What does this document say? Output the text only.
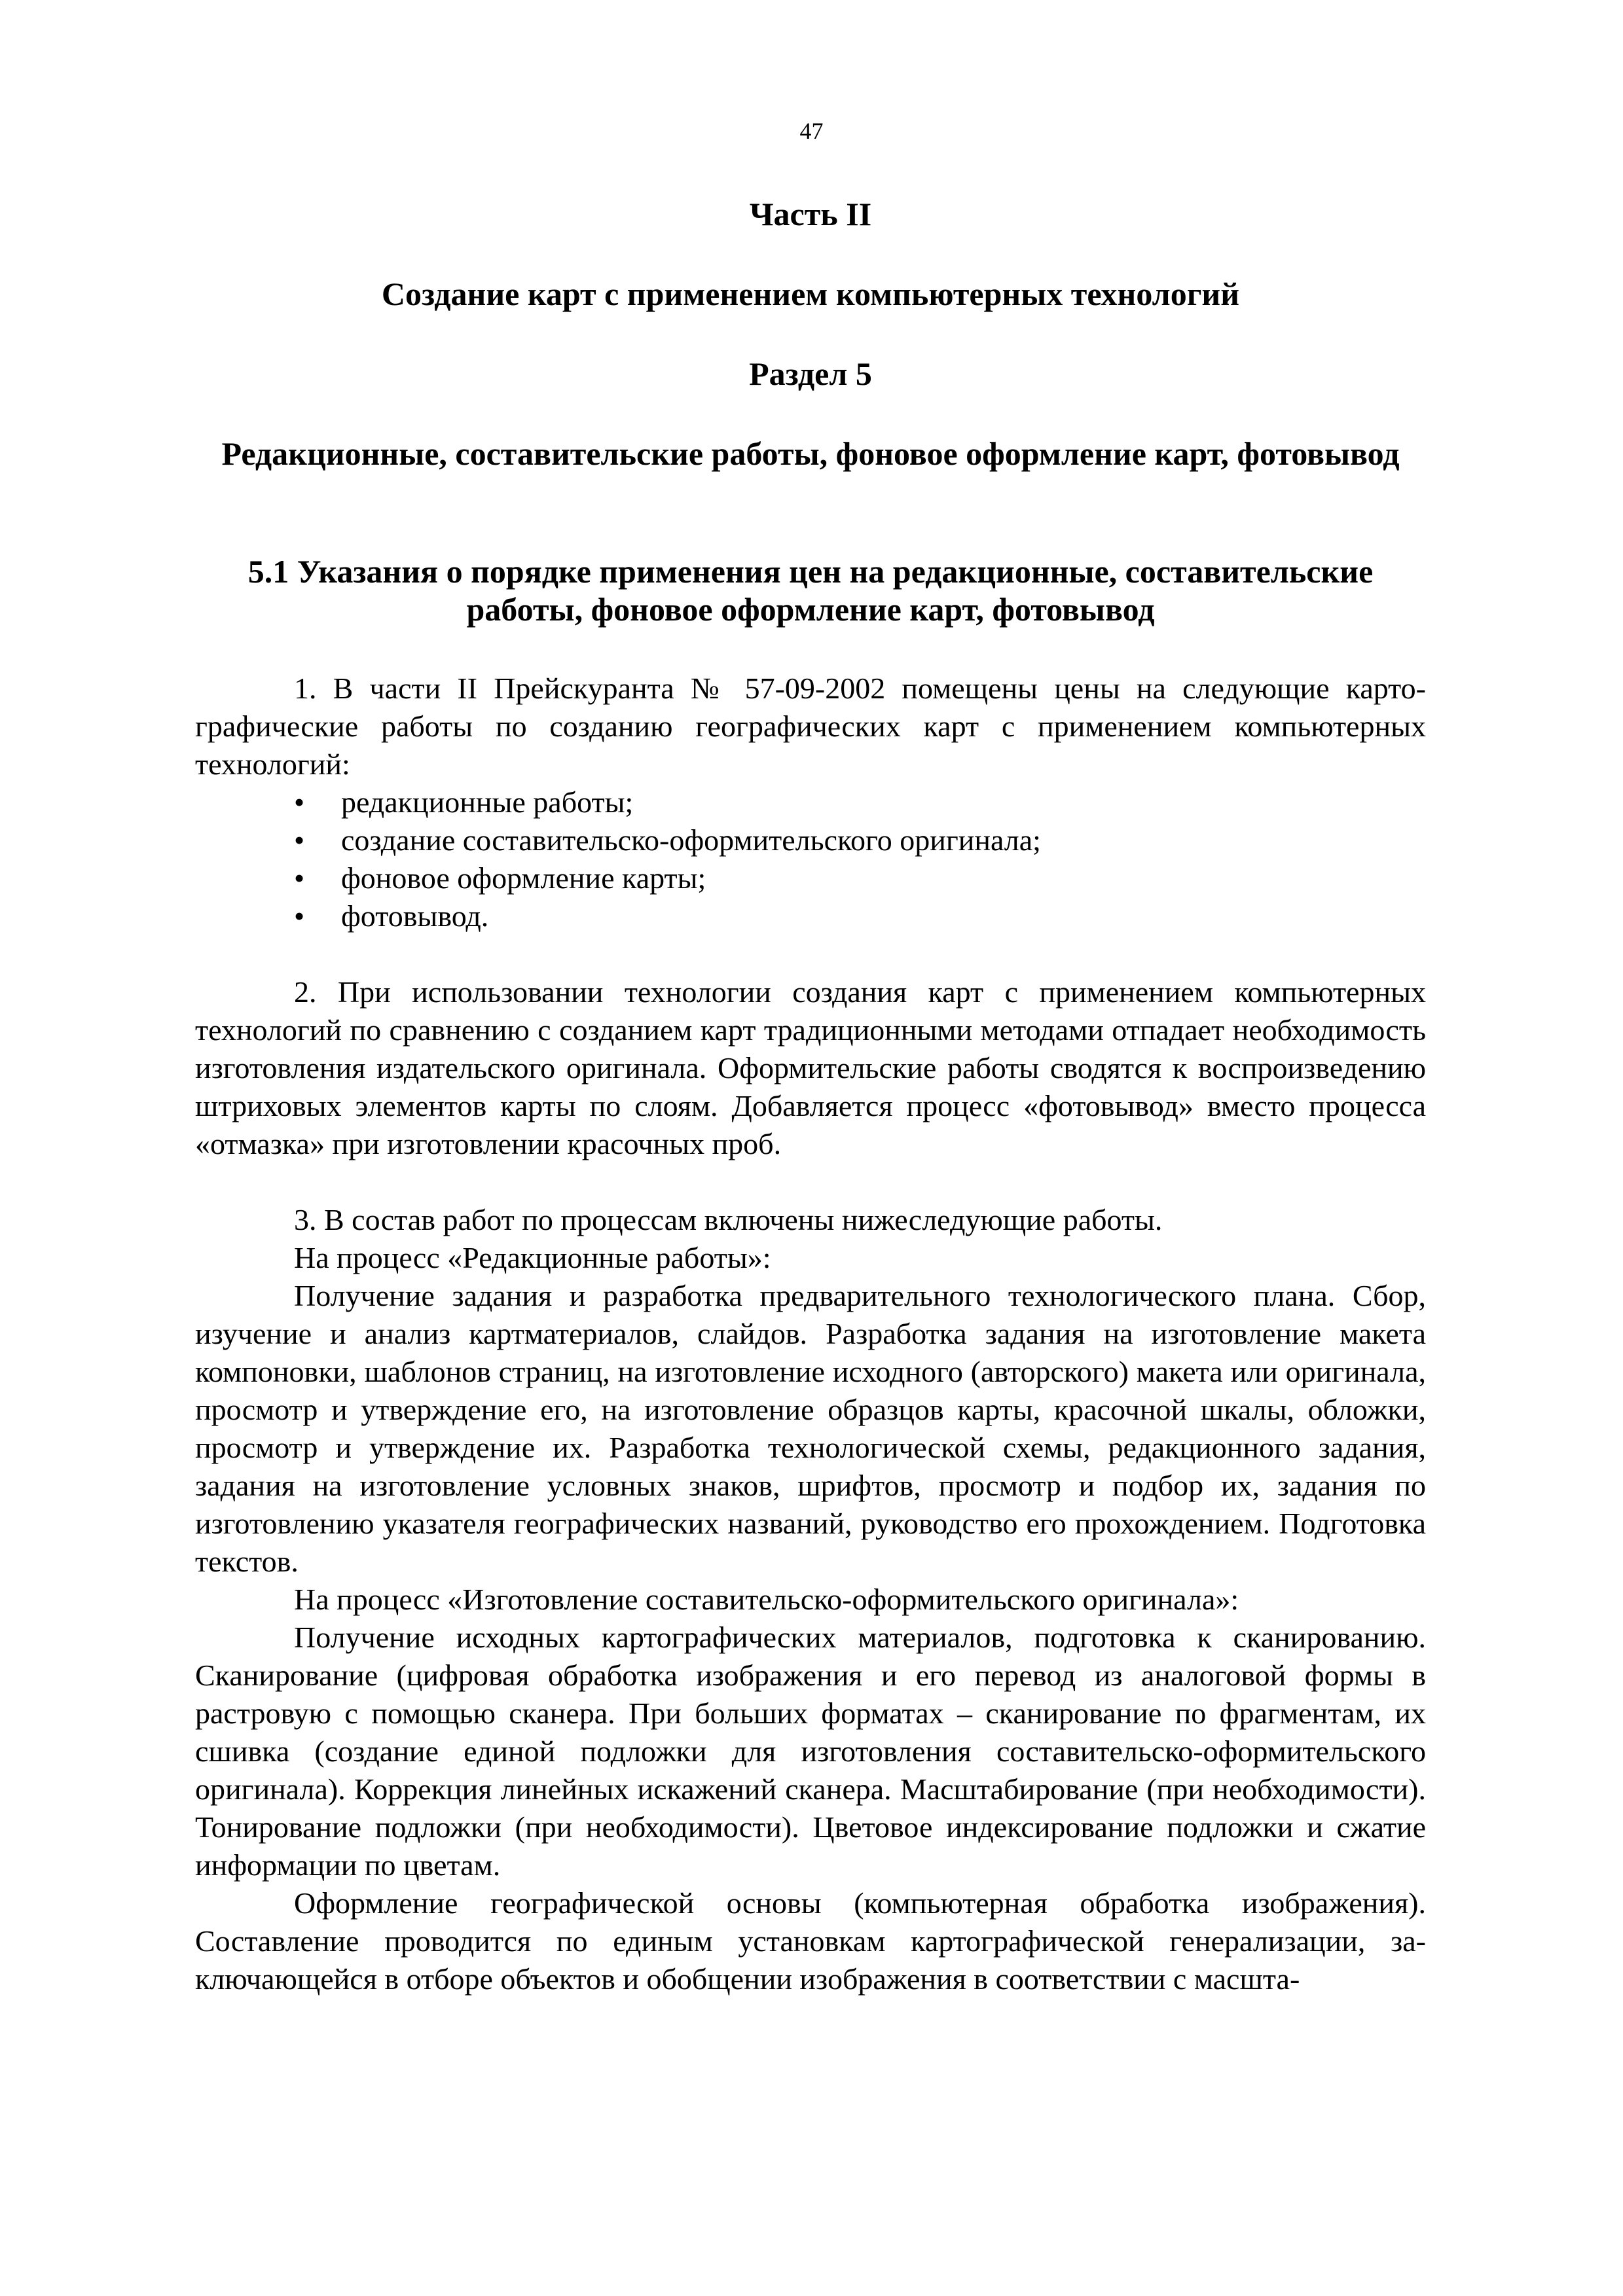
47
Часть II
Создание карт с применением компьютерных технологий
Раздел 5
Редакционные, составительские работы, фоновое оформление карт, фотовывод
5.1 Указания о порядке применения цен на редакционные, составительские работы, фоновое оформление карт, фотовывод

1. В части II Прейскуранта № 57-09-2002 помещены цены на следующие картографические работы по созданию географических карт с применением компьютерных технологий:

• редакционные работы;
• создание составительско-оформительского оригинала;
• фоновое оформление карты;
• фотовывод.

2. При использовании технологии создания карт с применением компьютерных технологий по сравнению с созданием карт традиционными методами отпадает необходимость изготовления издательского оригинала. Оформительские работы сводятся к воспроизведению штриховых элементов карты по слоям. Добавляется процесс «фотовывод» вместо процесса «отмазка» при изготовлении красочных проб.

3. В состав работ по процессам включены нижеследующие работы.

На процесс «Редакционные работы»:

Получение задания и разработка предварительного технологического плана. Сбор, изучение и анализ картматериалов, слайдов. Разработка задания на изготовление макета компоновки, шаблонов страниц, на изготовление исходного (авторского) макета или оригинала, просмотр и утверждение его, на изготовление образцов карты, красочной шкалы, обложки, просмотр и утверждение их. Разработка технологической схемы, редакционного задания, задания на изготовление условных знаков, шрифтов, просмотр и подбор их, задания по изготовлению указателя географических названий, руководство его прохождением. Подготовка текстов.

На процесс «Изготовление составительско-оформительского оригинала»:

Получение исходных картографических материалов, подготовка к сканированию. Сканирование (цифровая обработка изображения и его перевод из аналоговой формы в растровую с помощью сканера. При больших форматах – сканирование по фрагментам, их сшивка (создание единой подложки для изготовления составительско-оформительского оригинала). Коррекция линейных искажений сканера. Масштабирование (при необходимости). Тонирование подложки (при необходимости). Цветовое индексирование подложки и сжатие информации по цветам.

Оформление географической основы (компьютерная обработка изображения). Составление проводится по единым установкам картографической генерализации, заключающейся в отборе объектов и обобщении изображения в соответствии с масшта-
